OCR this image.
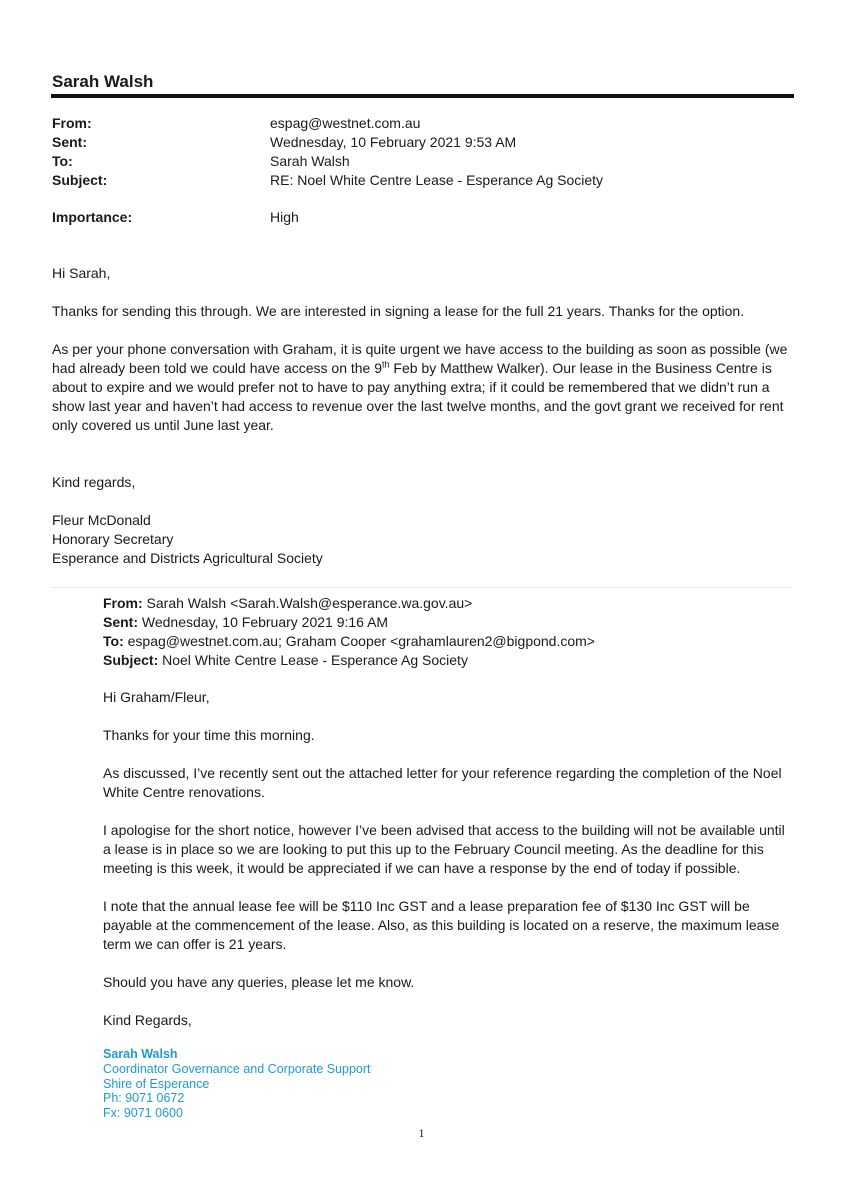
Sarah Walsh
From:	espag@westnet.com.au
Sent:	Wednesday, 10 February 2021 9:53 AM
To:	Sarah Walsh
Subject:	RE: Noel White Centre Lease - Esperance Ag Society
Importance:	High

Hi Sarah,

Thanks for sending this through. We are interested in signing a lease for the full 21 years. Thanks for the option.

As per your phone conversation with Graham, it is quite urgent we have access to the building as soon as possible (we had already been told we could have access on the 9th Feb by Matthew Walker). Our lease in the Business Centre is about to expire and we would prefer not to have to pay anything extra; if it could be remembered that we didn’t run a show last year and haven’t had access to revenue over the last twelve months, and the govt grant we received for rent only covered us until June last year.

Kind regards,

Fleur McDonald

Honorary Secretary

Esperance and Districts Agricultural Society

From: Sarah Walsh <Sarah.Walsh@esperance.wa.gov.au>

Sent: Wednesday, 10 February 2021 9:16 AM

To: espag@westnet.com.au; Graham Cooper <grahamlauren2@bigpond.com>

Subject: Noel White Centre Lease - Esperance Ag Society

Hi Graham/Fleur,

Thanks for your time this morning.

As discussed, I’ve recently sent out the attached letter for your reference regarding the completion of the Noel White Centre renovations.

I apologise for the short notice, however I’ve been advised that access to the building will not be available until a lease is in place so we are looking to put this up to the February Council meeting. As the deadline for this meeting is this week, it would be appreciated if we can have a response by the end of today if possible.

I note that the annual lease fee will be $110 Inc GST and a lease preparation fee of $130 Inc GST will be payable at the commencement of the lease. Also, as this building is located on a reserve, the maximum lease term we can offer is 21 years.

Should you have any queries, please let me know.

Kind Regards,

Sarah Walsh
Coordinator Governance and Corporate Support
Shire of Esperance
Ph: 9071 0672
Fx: 9071 0600
1
